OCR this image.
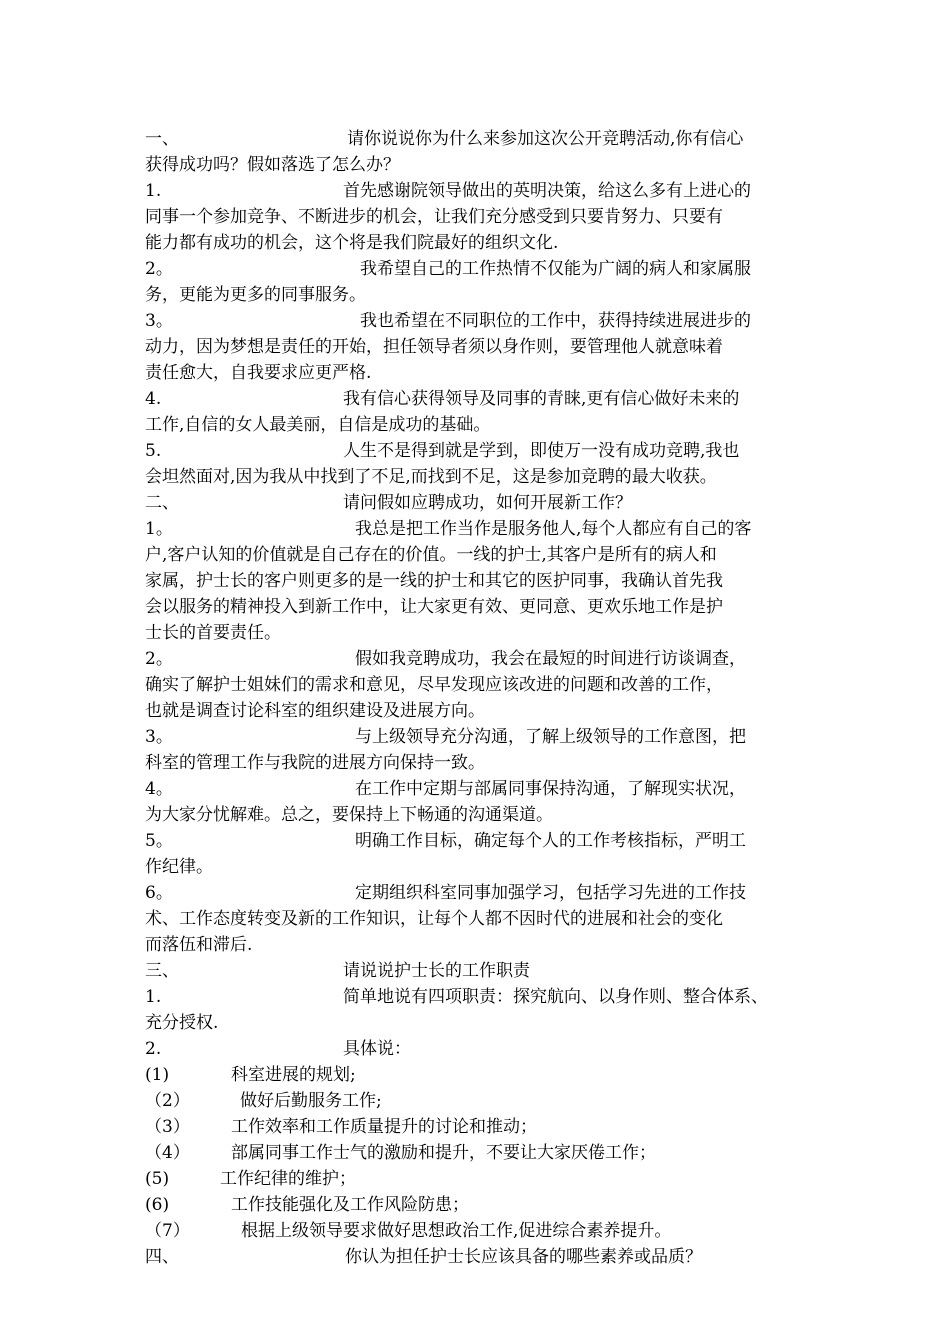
一、	请你说说你为什么来参加这次公开竞聘活动,你有信心
获得成功吗？假如落选了怎么办？
1.	首先感谢院领导做出的英明决策，给这么多有上进心的
同事一个参加竞争、不断进步的机会，让我们充分感受到只要肯努力、只要有
能力都有成功的机会，这个将是我们院最好的组织文化.
2。	我希望自己的工作热情不仅能为广阔的病人和家属服
务，更能为更多的同事服务。
3。	我也希望在不同职位的工作中，获得持续进展进步的
动力，因为梦想是责任的开始，担任领导者须以身作则，要管理他人就意味着
责任愈大，自我要求应更严格.
4.	我有信心获得领导及同事的青睐,更有信心做好未来的
工作,自信的女人最美丽，自信是成功的基础。
5.	人生不是得到就是学到，即使万一没有成功竞聘,我也
会坦然面对,因为我从中找到了不足,而找到不足，这是参加竞聘的最大收获。
二、	请问假如应聘成功，如何开展新工作？
1。	我总是把工作当作是服务他人,每个人都应有自己的客
户,客户认知的价值就是自己存在的价值。一线的护士,其客户是所有的病人和
家属，护士长的客户则更多的是一线的护士和其它的医护同事，我确认首先我
会以服务的精神投入到新工作中，让大家更有效、更同意、更欢乐地工作是护
士长的首要责任。
2。	假如我竞聘成功，我会在最短的时间进行访谈调查，
确实了解护士姐妹们的需求和意见，尽早发现应该改进的问题和改善的工作，
也就是调查讨论科室的组织建设及进展方向。
3。	与上级领导充分沟通，了解上级领导的工作意图，把
科室的管理工作与我院的进展方向保持一致。
4。	在工作中定期与部属同事保持沟通，了解现实状况，
为大家分忧解难。总之，要保持上下畅通的沟通渠道。
5。	明确工作目标，确定每个人的工作考核指标，严明工
作纪律。
6。	定期组织科室同事加强学习，包括学习先进的工作技
术、工作态度转变及新的工作知识，让每个人都不因时代的进展和社会的变化
而落伍和滞后.
三、	请说说护士长的工作职责
1.	简单地说有四项职责：探究航向、以身作则、整合体系、
充分授权.
2.	具体说：
(1)	科室进展的规划;
（2）	做好后勤服务工作;
（3）	工作效率和工作质量提升的讨论和推动；
（4）	部属同事工作士气的激励和提升，不要让大家厌倦工作；
(5)	工作纪律的维护；
(6)	工作技能强化及工作风险防患；
（7）	根据上级领导要求做好思想政治工作,促进综合素养提升。
四、	你认为担任护士长应该具备的哪些素养或品质？
